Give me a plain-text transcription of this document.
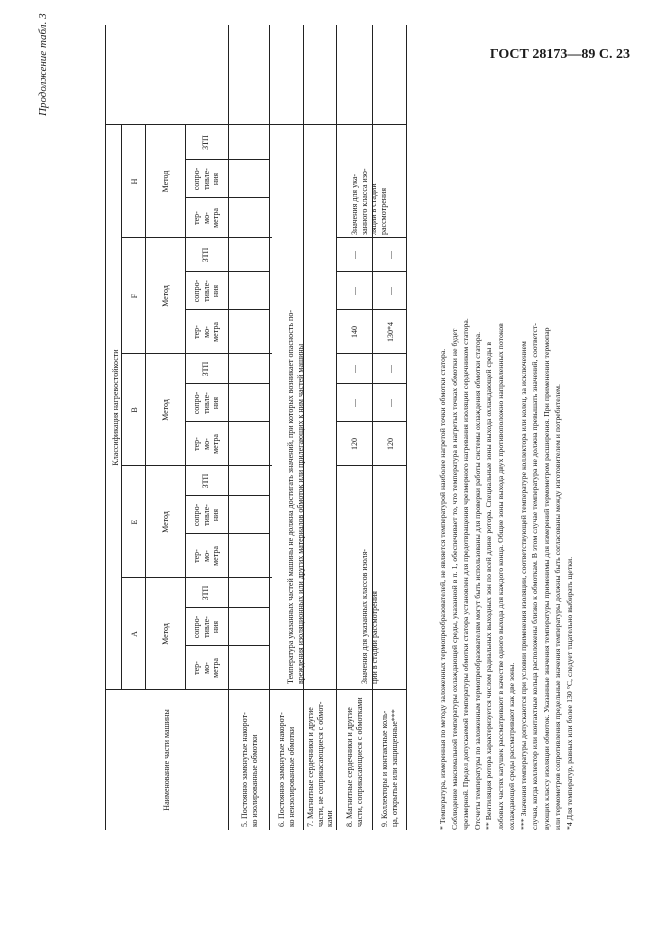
ГОСТ 28173—89 С. 23
Продолжение табл. 3
Наименование части машины
Классификация нагревостойкости
A
E
B
F
H
Метод
Метод
Метод
Метод
Метод
тер-
мо-
метра
сопро-
тивле-
ния
ЗТП
тер-
мо-
метра
сопро-
тивле-
ния
ЗТП
тер-
мо-
метра
сопро-
тивле-
ния
ЗТП
тер-
мо-
метра
сопро-
тивле-
ния
ЗТП
тер-
мо-
метра
сопро-
тивле-
ния
ЗТП
5. Постоянно замкнутые накорот-
ко изолированные обмотки 6. Постоянно замкнутые накорот-
ко неизолированные обмотки 7. Магнитные сердечники и другие
части, не соприкасающиеся с обмот-
ками 8. Магнитные сердечники и другие
части, соприкасающиеся с обмотками 9. Коллекторы и контактные коль-
ца, открытые или защищенные***
Температура указанных частей машины не должна достигать значений, при которых возникает опасность по-
вреждения изоляционных или других материалов обмоток или прилегающих к ним частей машины	Значения для указанных классов изоля-
ции в стадии рассмотрения
Значения для ука-
занного класса изо-
ляции в стадии
рассмотрения
120
—
—
140
—
—
120
—
—
130*4
—
—
* Температура, измеренная по методу заложенных термопреобразователей, не является температурой наиболее нагретой точки обмотки статора. Соблюдение максимальной температуры охлаждающей среды, указанной в п. 1, обеспечивает то, что температура в нагретых точках обмотки не будет чрезмерной. Предел допускаемой температуры обмотки статора установлен для предотвращения чрезмерного нагревания изоляции сердечником статора. Отсчеты температуры по заложенным термопреобразователям могут быть использованы для проверки работы системы охлаждения обмотки статора. ** Вентиляция ротора характеризуется числом радиальных выходных зон по всей длине ротора. Специальные зоны выхода охлаждающей среды в лобовых частях катушек рассматривают в качестве одного выхода для каждого конца. Общие зоны выхода двух противоположно направленных потоков охлаждающей среды рассматривают как две зоны. *** Значения температуры допускаются при условии применения изоляции, соответствующей температуре коллектора или колец, за исключением случая, когда коллектор или контактные кольца расположены близко к обмоткам. В этом случае температура не должна превышать значений, соответст- вующих классу изоляции обмоток. Указанные значения температуры применимы для измерений термометром расширения. При применении термопар или термометров сопротивления предельные значения температуры должны быть согласованы между изготовителем и потребителем. *4 Для температур, равных или более 130 °С, следует тщательно выбирать щетки.
